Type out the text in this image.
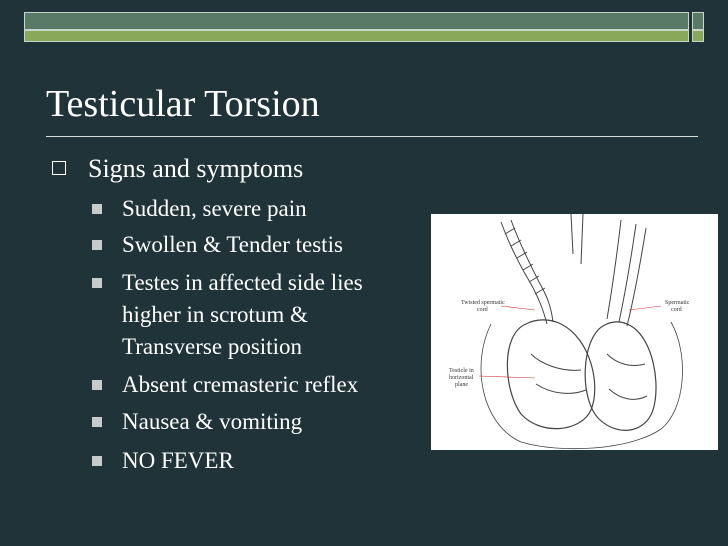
Testicular Torsion
Signs and symptoms
Sudden, severe pain
Swollen & Tender testis
Testes in affected side lies
higher in scrotum &
Transverse position
Absent cremasteric reflex
Nausea & vomiting
NO FEVER
Twisted spermatic
cord
Spermatic
cord
Testicle in
horizontal
plane
